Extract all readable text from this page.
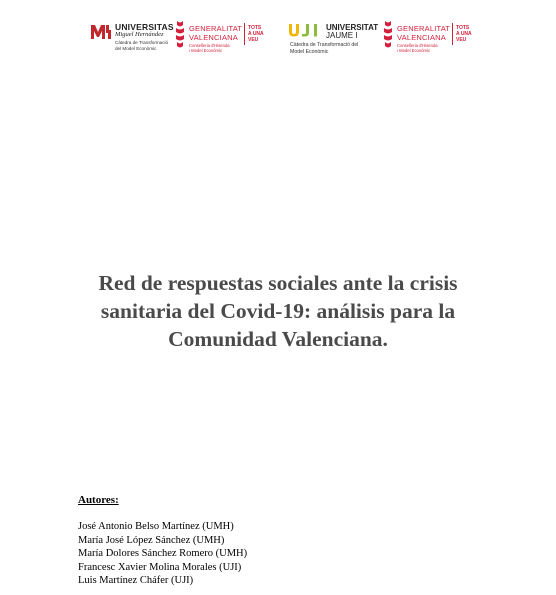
UNIVERSITAS
Miguel Hernández
Càtedra de Transformació
del Model Econòmic
GENERALITAT
VALENCIANA
Conselleria d'Hisenda
i Model Econòmic
TOTS
A UNA
VEU
UNIVERSITAT
JAUME I
Càtedra de Transformació del
Model Econòmic
GENERALITAT
VALENCIANA
Conselleria d'Hisenda
i Model Econòmic
TOTS
A UNA
VEU
Red de respuestas sociales ante la crisis
sanitaria del Covid-19: análisis para la
Comunidad Valenciana.
Autores:
José Antonio Belso Martínez (UMH)
María José López Sánchez (UMH)
María Dolores Sánchez Romero (UMH)
Francesc Xavier Molina Morales (UJI)
Luis Martínez Cháfer (UJI)
